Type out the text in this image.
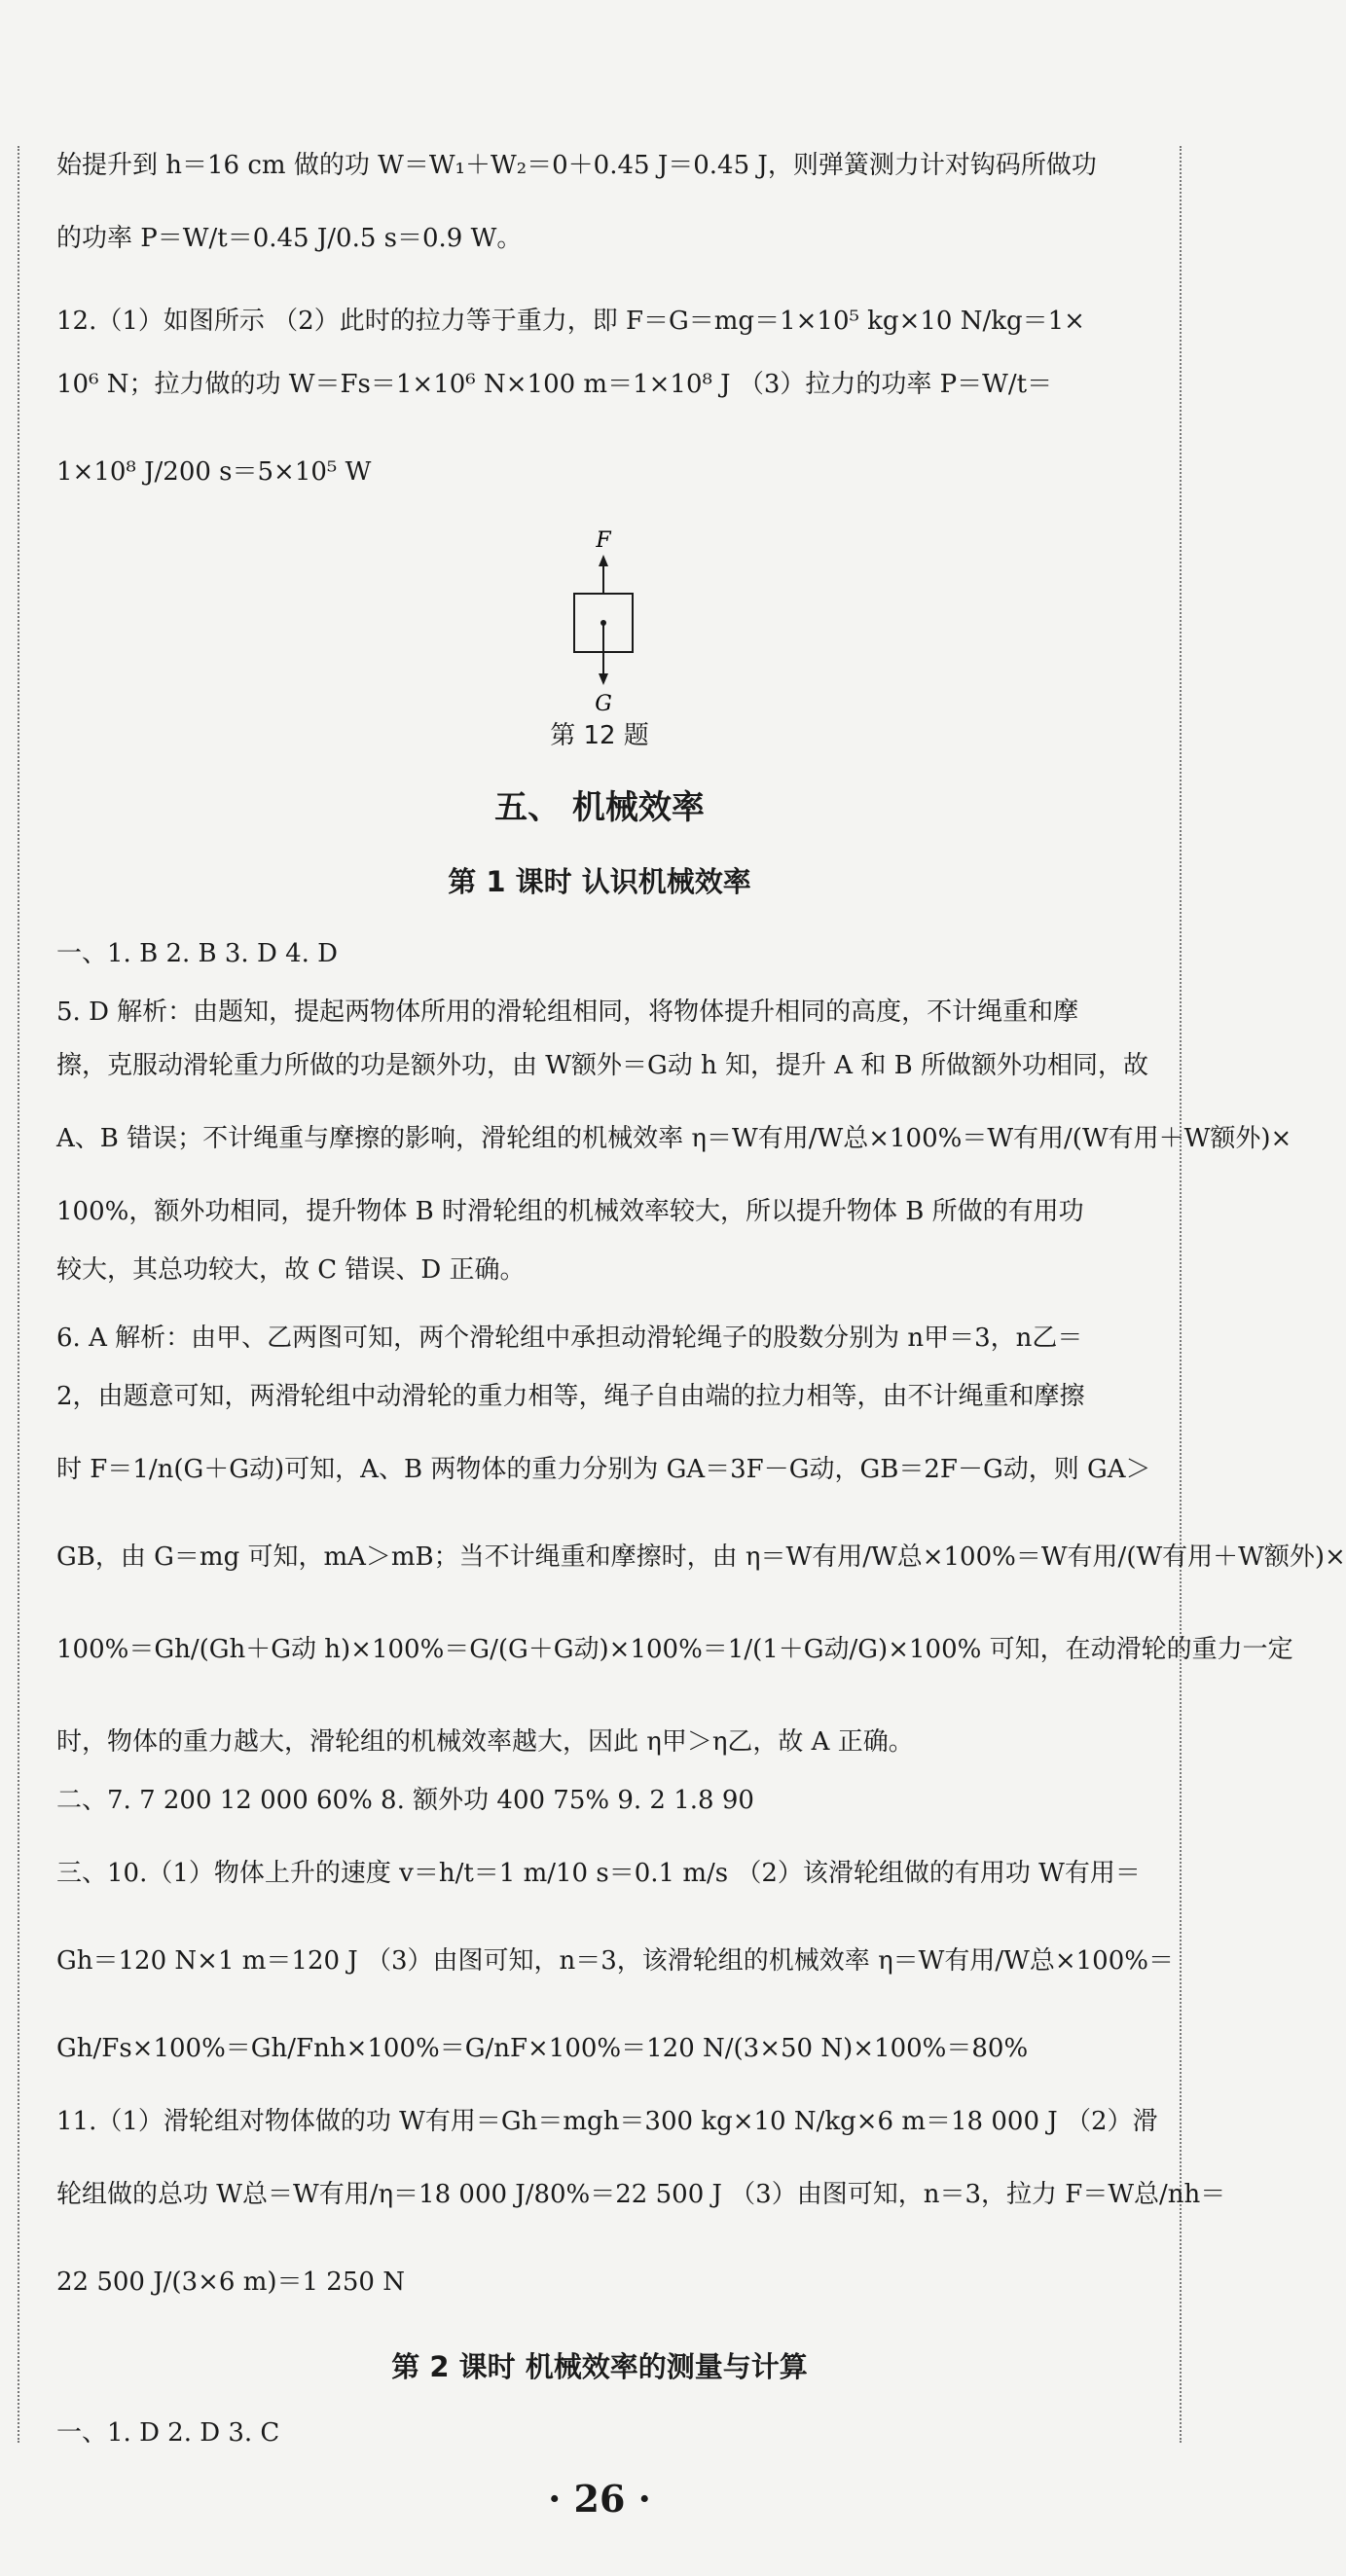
始提升到 h＝16 cm 做的功 W＝W₁＋W₂＝0＋0.45 J＝0.45 J，则弹簧测力计对钩码所做功
的功率 P＝W/t＝0.45 J/0.5 s＝0.9 W。
12.（1）如图所示 （2）此时的拉力等于重力，即 F＝G＝mg＝1×10⁵ kg×10 N/kg＝1×
10⁶ N；拉力做的功 W＝Fs＝1×10⁶ N×100 m＝1×10⁸ J （3）拉力的功率 P＝W/t＝
1×10⁸ J/200 s＝5×10⁵ W
F
G
第 12 题
五、 机械效率
第 1 课时 认识机械效率
一、1. B 2. B 3. D 4. D
5. D 解析：由题知，提起两物体所用的滑轮组相同，将物体提升相同的高度，不计绳重和摩
擦，克服动滑轮重力所做的功是额外功，由 W额外＝G动 h 知，提升 A 和 B 所做额外功相同，故
A、B 错误；不计绳重与摩擦的影响，滑轮组的机械效率 η＝W有用/W总×100%＝W有用/(W有用＋W额外)×
100%，额外功相同，提升物体 B 时滑轮组的机械效率较大，所以提升物体 B 所做的有用功
较大，其总功较大，故 C 错误、D 正确。
6. A 解析：由甲、乙两图可知，两个滑轮组中承担动滑轮绳子的股数分别为 n甲＝3，n乙＝
2，由题意可知，两滑轮组中动滑轮的重力相等，绳子自由端的拉力相等，由不计绳重和摩擦
时 F＝1/n(G＋G动)可知，A、B 两物体的重力分别为 GA＝3F－G动，GB＝2F－G动，则 GA＞
GB，由 G＝mg 可知，mA＞mB；当不计绳重和摩擦时，由 η＝W有用/W总×100%＝W有用/(W有用＋W额外)×
100%＝Gh/(Gh＋G动 h)×100%＝G/(G＋G动)×100%＝1/(1＋G动/G)×100% 可知，在动滑轮的重力一定
时，物体的重力越大，滑轮组的机械效率越大，因此 η甲＞η乙，故 A 正确。
二、7. 7 200 12 000 60% 8. 额外功 400 75% 9. 2 1.8 90
三、10.（1）物体上升的速度 v＝h/t＝1 m/10 s＝0.1 m/s （2）该滑轮组做的有用功 W有用＝
Gh＝120 N×1 m＝120 J （3）由图可知，n＝3，该滑轮组的机械效率 η＝W有用/W总×100%＝
Gh/Fs×100%＝Gh/Fnh×100%＝G/nF×100%＝120 N/(3×50 N)×100%＝80%
11.（1）滑轮组对物体做的功 W有用＝Gh＝mgh＝300 kg×10 N/kg×6 m＝18 000 J （2）滑
轮组做的总功 W总＝W有用/η＝18 000 J/80%＝22 500 J （3）由图可知，n＝3，拉力 F＝W总/nh＝
22 500 J/(3×6 m)＝1 250 N
第 2 课时 机械效率的测量与计算
一、1. D 2. D 3. C
· 26 ·
